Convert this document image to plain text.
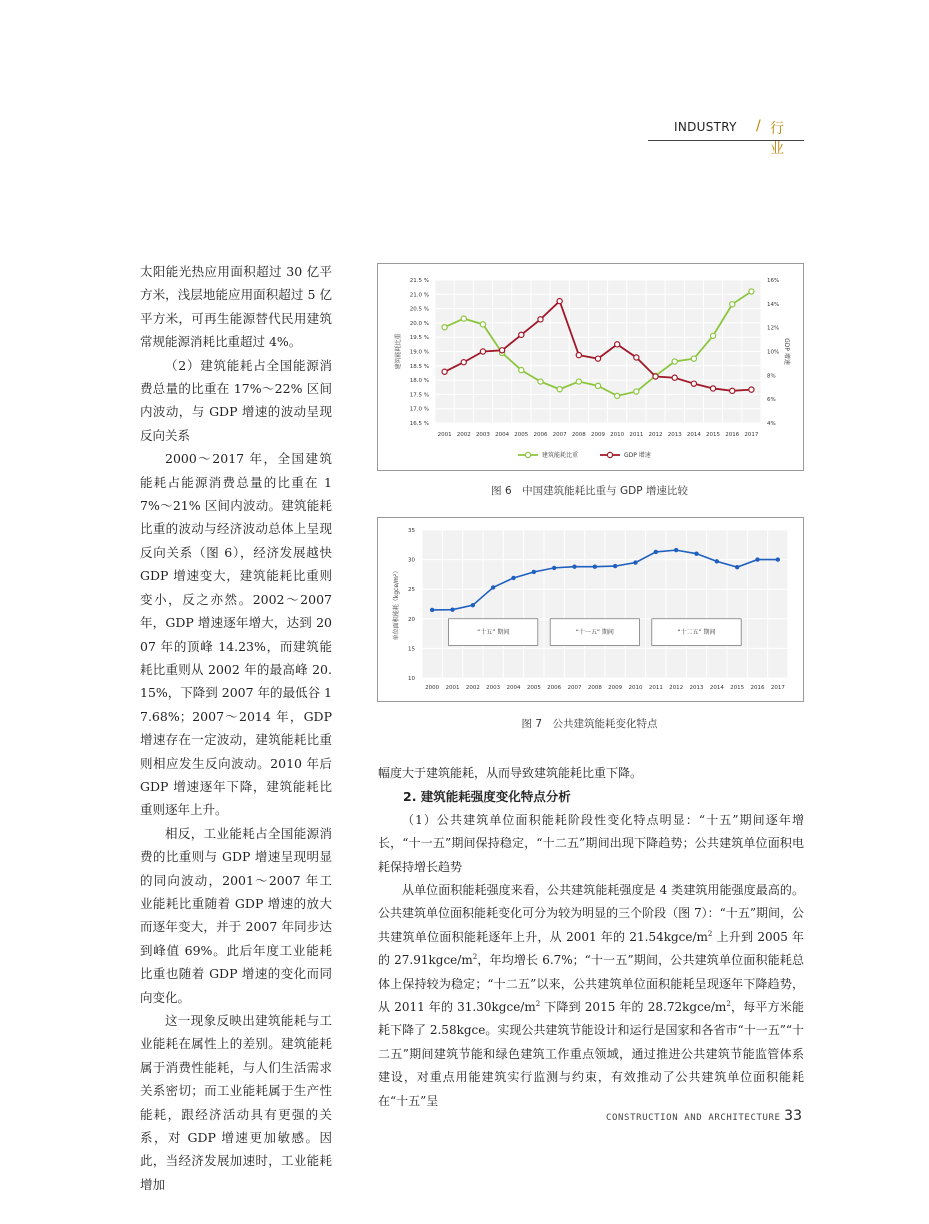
INDUSTRY / 行业

太阳能光热应用面积超过 30 亿平方米，浅层地能应用面积超过 5 亿平方米，可再生能源替代民用建筑常规能源消耗比重超过 4%。

（2）建筑能耗占全国能源消费总量的比重在 17%～22% 区间内波动，与 GDP 增速的波动呈现反向关系

2000～2017 年，全国建筑能耗占能源消费总量的比重在 17%～21% 区间内波动。建筑能耗比重的波动与经济波动总体上呈现反向关系（图 6），经济发展越快 GDP 增速变大，建筑能耗比重则变小，反之亦然。2002～2007 年，GDP 增速逐年增大，达到 2007 年的顶峰 14.23%，而建筑能耗比重则从 2002 年的最高峰 20.15%，下降到 2007 年的最低谷 17.68%；2007～2014 年，GDP 增速存在一定波动，建筑能耗比重则相应发生反向波动。2010 年后 GDP 增速逐年下降，建筑能耗比重则逐年上升。

相反，工业能耗占全国能源消费的比重则与 GDP 增速呈现明显的同向波动，2001～2007 年工业能耗比重随着 GDP 增速的放大而逐年变大，并于 2007 年同步达到峰值 69%。此后年度工业能耗比重也随着 GDP 增速的变化而同向变化。

这一现象反映出建筑能耗与工业能耗在属性上的差别。建筑能耗属于消费性能耗，与人们生活需求关系密切；而工业能耗属于生产性能耗，跟经济活动具有更强的关系，对 GDP 增速更加敏感。因此，当经济发展加速时，工业能耗增加

16.5 %
17.0 %
17.5 %
18.0 %
18.5 %
19.0 %
19.5 %
20.0 %
20.5 %
21.0 %
21.5 %
4%
6%
8%
10%
12%
14%
16%
2001 2002 2003 2004 2005 2006 2007 2008 2009 2010 2011 2012 2013 2014 2015 2016 2017
建筑能耗比重	GDP 增速
建筑能耗比重	GDP 增速
图 6　中国建筑能耗比重与 GDP 增速比较
10
15
20
25
30
35
2000 2001 2002 2003 2004 2005 2006 2007 2008 2009 2010 2011 2012 2013 2014 2015 2016 2017
单位面积能耗（kgce/m²）	“十五” 期间	“十一五” 期间	“十二五” 期间
图 7　公共建筑能耗变化特点

幅度大于建筑能耗，从而导致建筑能耗比重下降。

2. 建筑能耗强度变化特点分析

（1）公共建筑单位面积能耗阶段性变化特点明显：“十五”期间逐年增长，“十一五”期间保持稳定，“十二五”期间出现下降趋势；公共建筑单位面积电耗保持增长趋势

从单位面积能耗强度来看，公共建筑能耗强度是 4 类建筑用能强度最高的。公共建筑单位面积能耗变化可分为较为明显的三个阶段（图 7）：“十五”期间，公共建筑单位面积能耗逐年上升，从 2001 年的 $21.54kgce/m^2$ 上升到 2005 年的 $27.91kgce/m^2$，年均增长 6.7%；“十一五”期间，公共建筑单位面积能耗总体上保持较为稳定；“十二五”以来，公共建筑单位面积能耗呈现逐年下降趋势，从 2011 年的 $31.30kgce/m^2$ 下降到 2015 年的 $28.72kgce/m^2$，每平方米能耗下降了 2.58kgce。实现公共建筑节能设计和运行是国家和各省市“十一五”“十二五”期间建筑节能和绿色建筑工作重点领域，通过推进公共建筑节能监管体系建设，对重点用能建筑实行监测与约束，有效推动了公共建筑单位面积能耗在“十五”呈

CONSTRUCTION AND ARCHITECTURE 33
